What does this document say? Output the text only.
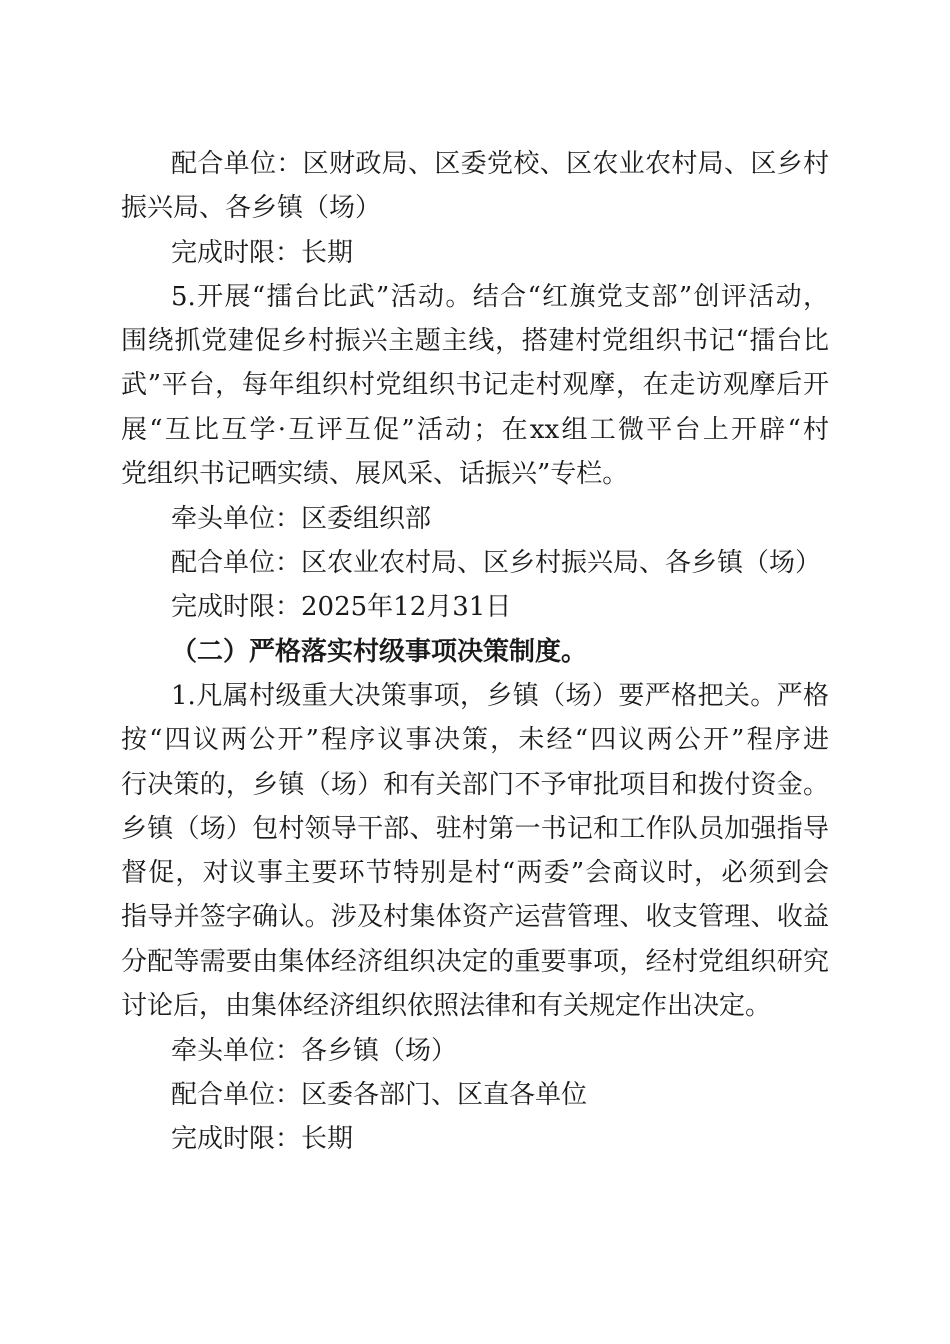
配合单位：区财政局、区委党校、区农业农村局、区乡村
振兴局、各乡镇（场）
完成时限：长期
5.开展“擂台比武”活动。结合“红旗党支部”创评活动，
围绕抓党建促乡村振兴主题主线，搭建村党组织书记“擂台比
武”平台，每年组织村党组织书记走村观摩，在走访观摩后开
展“互比互学·互评互促”活动；在xx组工微平台上开辟“村
党组织书记晒实绩、展风采、话振兴”专栏。
牵头单位：区委组织部
配合单位：区农业农村局、区乡村振兴局、各乡镇（场）
完成时限：2025年12月31日
（二）严格落实村级事项决策制度。
1.凡属村级重大决策事项，乡镇（场）要严格把关。严格
按“四议两公开”程序议事决策，未经“四议两公开”程序进
行决策的，乡镇（场）和有关部门不予审批项目和拨付资金。
乡镇（场）包村领导干部、驻村第一书记和工作队员加强指导
督促，对议事主要环节特别是村“两委”会商议时，必须到会
指导并签字确认。涉及村集体资产运营管理、收支管理、收益
分配等需要由集体经济组织决定的重要事项，经村党组织研究
讨论后，由集体经济组织依照法律和有关规定作出决定。
牵头单位：各乡镇（场）
配合单位：区委各部门、区直各单位
完成时限：长期
